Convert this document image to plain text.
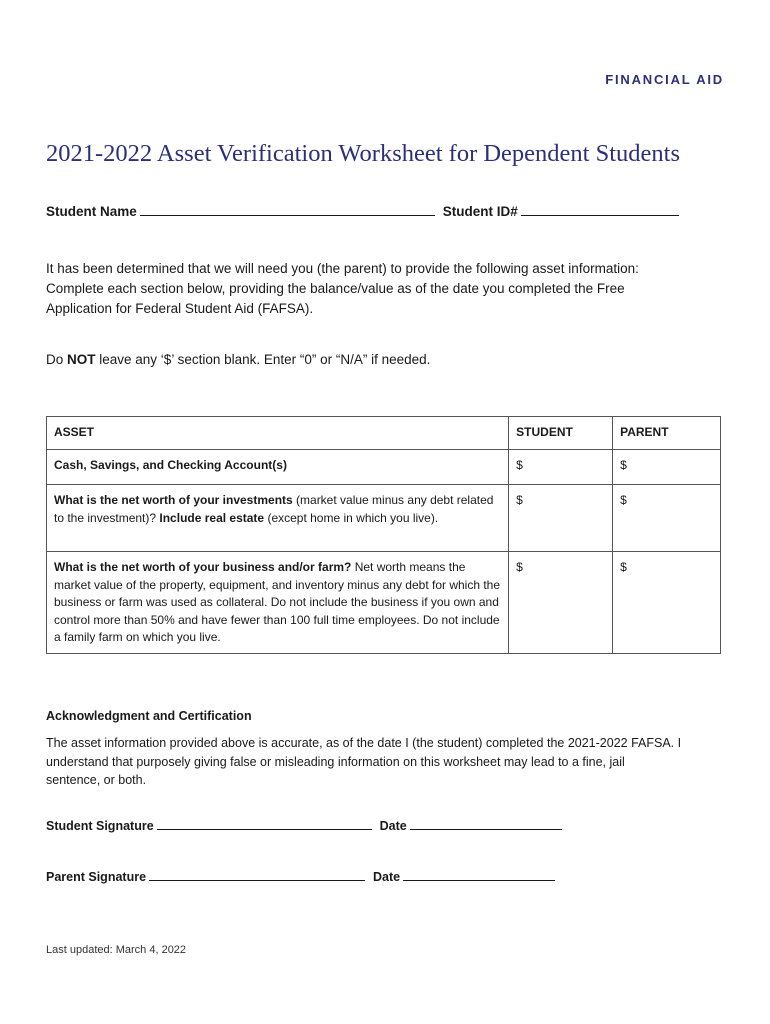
FINANCIAL AID
2021-2022 Asset Verification Worksheet for Dependent Students
Student Name	Student ID#
It has been determined that we will need you (the parent) to provide the following asset information:
Complete each section below, providing the balance/value as of the date you completed the Free
Application for Federal Student Aid (FAFSA).
Do NOT leave any ‘$’ section blank. Enter “0” or “N/A” if needed.
ASSET	STUDENT	PARENT
Cash, Savings, and Checking Account(s)	$	$
What is the net worth of your investments (market value minus any debt related to the investment)? Include real estate (except home in which you live).	$	$
What is the net worth of your business and/or farm? Net worth means the market value of the property, equipment, and inventory minus any debt for which the business or farm was used as collateral. Do not include the business if you own and control more than 50% and have fewer than 100 full time employees. Do not include a family farm on which you live.	$	$
Acknowledgment and Certification
The asset information provided above is accurate, as of the date I (the student) completed the 2021-2022 FAFSA. I
understand that purposely giving false or misleading information on this worksheet may lead to a fine, jail
sentence, or both.
Student Signature	Date
Parent Signature	Date
Last updated: March 4, 2022
